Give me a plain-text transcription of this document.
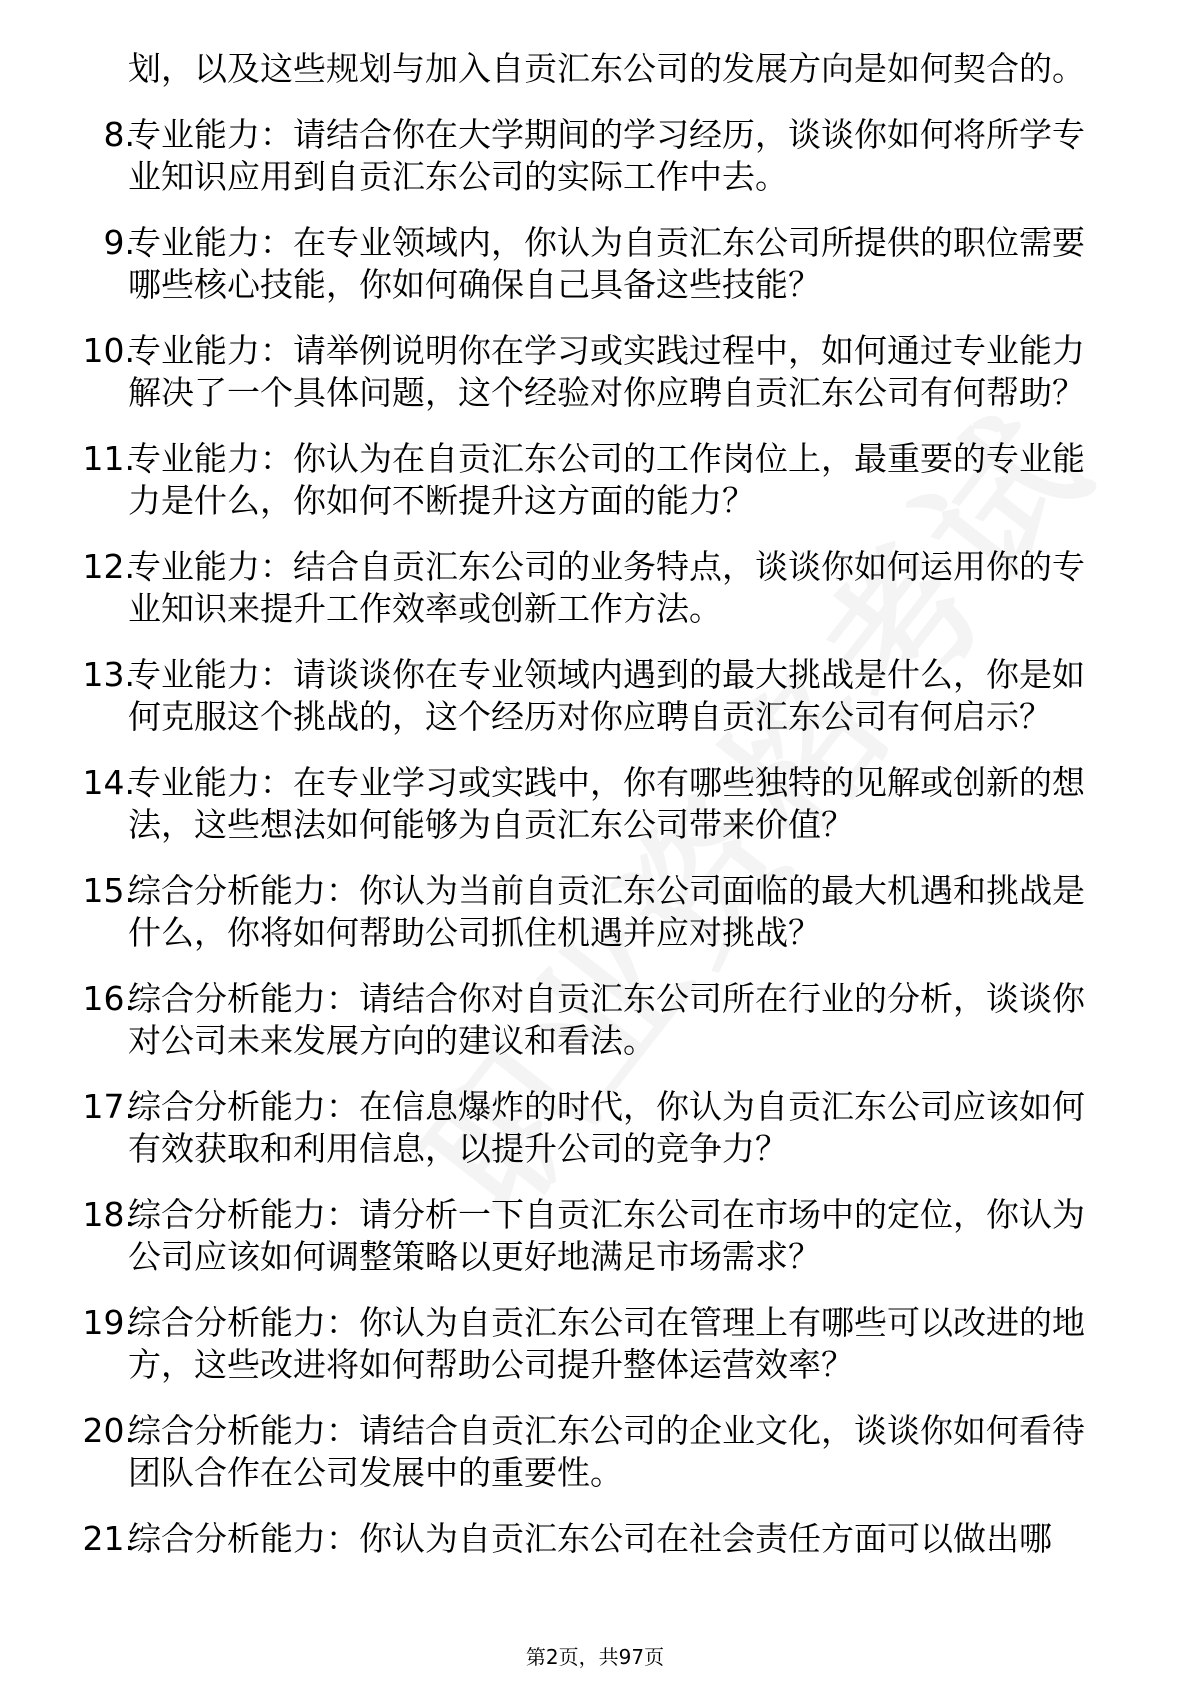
划，以及这些规划与加入自贡汇东公司的发展方向是如何契合的。
8.
专业能力：请结合你在大学期间的学习经历，谈谈你如何将所学专业知识应用到自贡汇东公司的实际工作中去。
9.
专业能力：在专业领域内，你认为自贡汇东公司所提供的职位需要哪些核心技能，你如何确保自己具备这些技能？
10.
专业能力：请举例说明你在学习或实践过程中，如何通过专业能力解决了一个具体问题，这个经验对你应聘自贡汇东公司有何帮助？
11.
专业能力：你认为在自贡汇东公司的工作岗位上，最重要的专业能力是什么，你如何不断提升这方面的能力？
12.
专业能力：结合自贡汇东公司的业务特点，谈谈你如何运用你的专业知识来提升工作效率或创新工作方法。
13.
专业能力：请谈谈你在专业领域内遇到的最大挑战是什么，你是如何克服这个挑战的，这个经历对你应聘自贡汇东公司有何启示？
14.
专业能力：在专业学习或实践中，你有哪些独特的见解或创新的想法，这些想法如何能够为自贡汇东公司带来价值？
15.
综合分析能力：你认为当前自贡汇东公司面临的最大机遇和挑战是什么，你将如何帮助公司抓住机遇并应对挑战？
16.
综合分析能力：请结合你对自贡汇东公司所在行业的分析，谈谈你对公司未来发展方向的建议和看法。
17.
综合分析能力：在信息爆炸的时代，你认为自贡汇东公司应该如何有效获取和利用信息，以提升公司的竞争力？
18.
综合分析能力：请分析一下自贡汇东公司在市场中的定位，你认为公司应该如何调整策略以更好地满足市场需求？
19.
综合分析能力：你认为自贡汇东公司在管理上有哪些可以改进的地方，这些改进将如何帮助公司提升整体运营效率？
20.
综合分析能力：请结合自贡汇东公司的企业文化，谈谈你如何看待团队合作在公司发展中的重要性。
21.
综合分析能力：你认为自贡汇东公司在社会责任方面可以做出哪
第2页，共97页
